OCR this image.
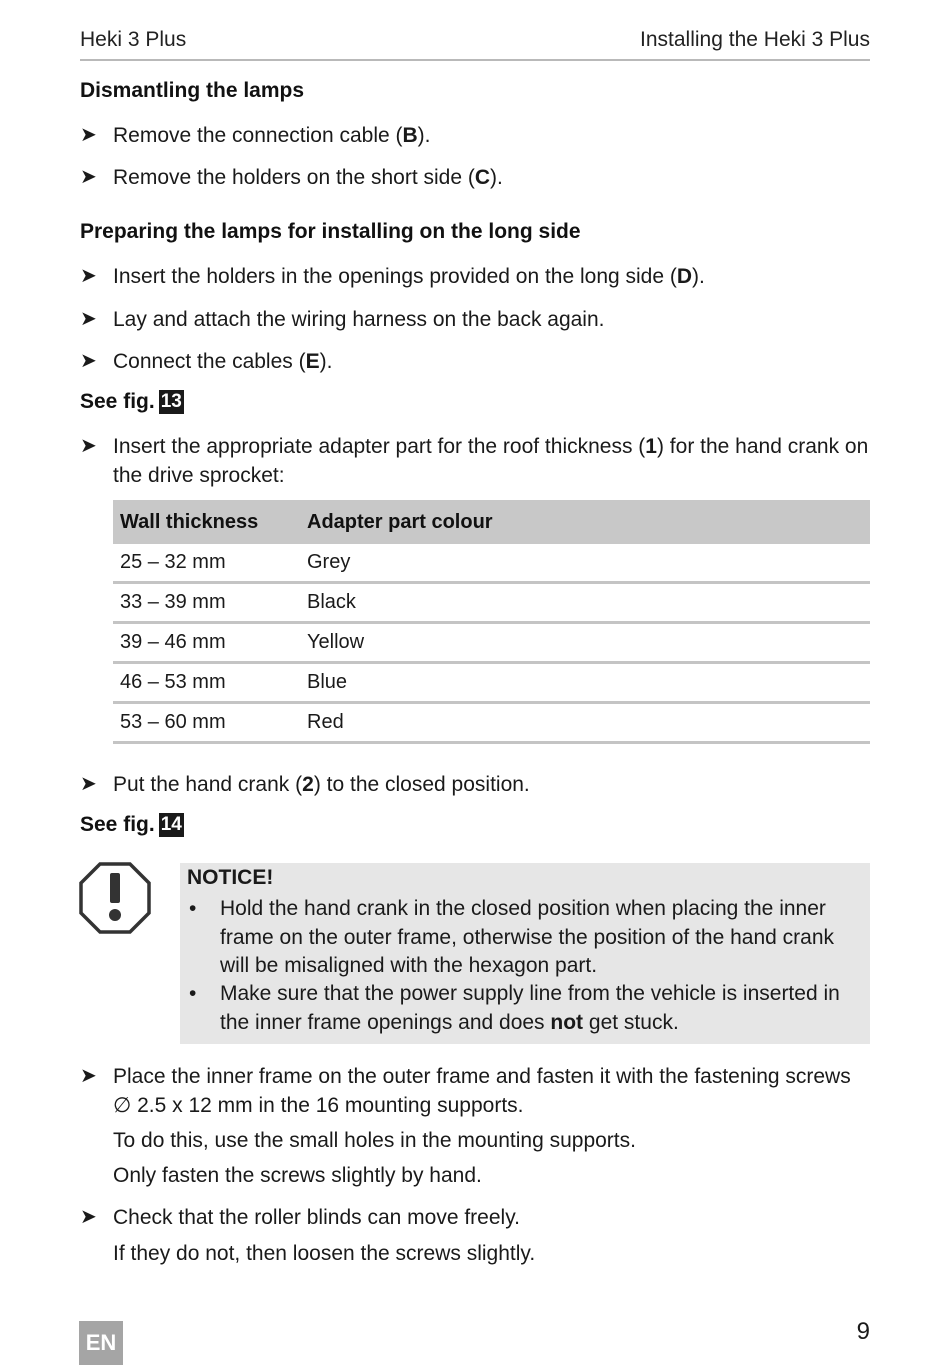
Heki 3 Plus	Installing the Heki 3 Plus
Dismantling the lamps
➤ Remove the connection cable (B).
➤ Remove the holders on the short side (C).
Preparing the lamps for installing on the long side
➤ Insert the holders in the openings provided on the long side (D).
➤ Lay and attach the wiring harness on the back again.
➤ Connect the cables (E).
See fig. 13
➤ Insert the appropriate adapter part for the roof thickness (1) for the hand crank on the drive sprocket:
Wall thickness	Adapter part colour
25 – 32 mm	Grey
33 – 39 mm	Black
39 – 46 mm	Yellow
46 – 53 mm	Blue
53 – 60 mm	Red
➤ Put the hand crank (2) to the closed position.
See fig. 14
NOTICE!
• Hold the hand crank in the closed position when placing the inner frame on the outer frame, otherwise the position of the hand crank will be misaligned with the hexagon part.
• Make sure that the power supply line from the vehicle is inserted in the inner frame openings and does not get stuck.
➤ Place the inner frame on the outer frame and fasten it with the fastening screws ∅ 2.5 x 12 mm in the 16 mounting supports.
To do this, use the small holes in the mounting supports.
Only fasten the screws slightly by hand.
➤ Check that the roller blinds can move freely.
If they do not, then loosen the screws slightly.
EN	9
